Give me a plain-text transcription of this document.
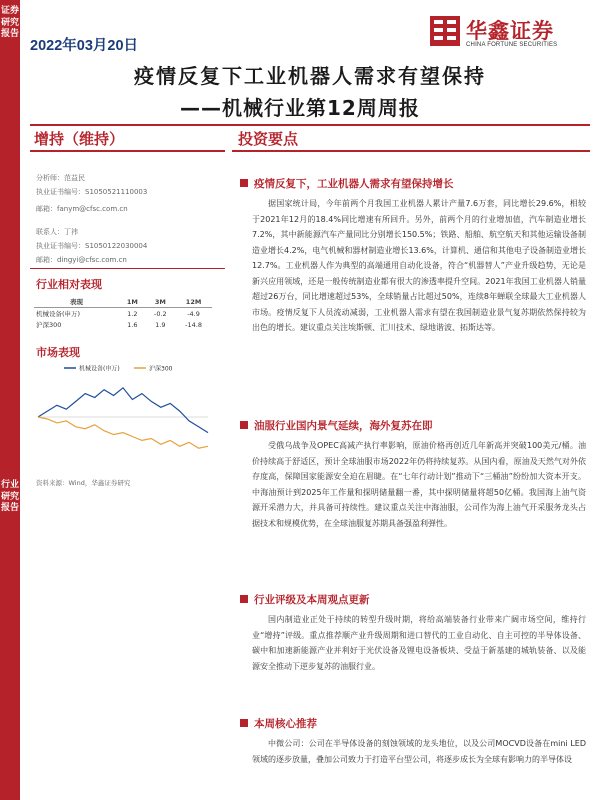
证券研究报告
行业研究报告
2022年03月20日
华鑫证券
CHINA FORTUNE SECURITIES
疫情反复下工业机器人需求有望保持
——机械行业第12周周报
增持（维持）	投资要点
分析师：范益民
执业证书编号：S1050521110003
邮箱：fanym@cfsc.com.cn
联系人：丁祎
执业证书编号：S1050122030004
邮箱：dingyi@cfsc.com.cn
行业相对表现
表现	1M	3M	12M
机械设备(申万)	1.2	-0.2	-4.9
沪深300	1.6	1.9	-14.8
市场表现
机械设备(申万)	沪深300
资料来源：Wind，华鑫证券研究
疫情反复下，工业机器人需求有望保持增长
据国家统计局，今年前两个月我国工业机器人累计产量7.6万套，同比增长29.6%，相较于2021年12月的18.4%同比增速有所回升。另外，前两个月的行业增加值，汽车制造业增长7.2%，其中新能源汽车产量同比分别增长150.5%；铁路、船舶、航空航天和其他运输设备制造业增长4.2%，电气机械和器材制造业增长13.6%，计算机、通信和其他电子设备制造业增长12.7%。工业机器人作为典型的高端通用自动化设备，符合“机器替人”产业升级趋势，无论是新兴应用领域，还是一般传统制造业都有很大的渗透率提升空间。2021年我国工业机器人销量超过26万台，同比增速超过53%，全球销量占比超过50%，连续8年蝉联全球最大工业机器人市场。疫情反复下人员流动减弱，工业机器人需求有望在我国制造业景气复苏期依然保持较为出色的增长。建议重点关注埃斯顿、汇川技术、绿地谐波、拓斯达等。
油服行业国内景气延续，海外复苏在即
受俄乌战争及OPEC高减产执行率影响，原油价格再创近几年新高并突破100美元/桶。油价持续高于舒适区，预计全球油服市场2022年仍将持续复苏。从国内看，原油及天然气对外依存度高，保障国家能源安全迫在眉睫。在“七年行动计划”推动下“三桶油”纷纷加大资本开支。中海油预计到2025年工作量和探明储量翻一番，其中探明储量将超50亿桶。我国海上油气资源开采潜力大，并具备可持续性。建议重点关注中海油服，公司作为海上油气开采服务龙头占据技术和规模优势，在全球油服复苏期具备强盈利弹性。
行业评级及本周观点更新
国内制造业正处于持续的转型升级时期，将给高端装备行业带来广阔市场空间，维持行业“增持”评级。重点推荐顺产业升级周期和进口替代的工业自动化、自主可控的半导体设备、碳中和加速新能源产业并利好于光伏设备及锂电设备板块、受益于新基建的城轨装备、以及能源安全推动下逆步复苏的油服行业。
本周核心推荐
中微公司：公司在半导体设备的刻蚀领域的龙头地位，以及公司MOCVD设备在mini LED领域的逐步放量，叠加公司致力于打造平台型公司，将逐步成长为全球有影响力的半导体设
